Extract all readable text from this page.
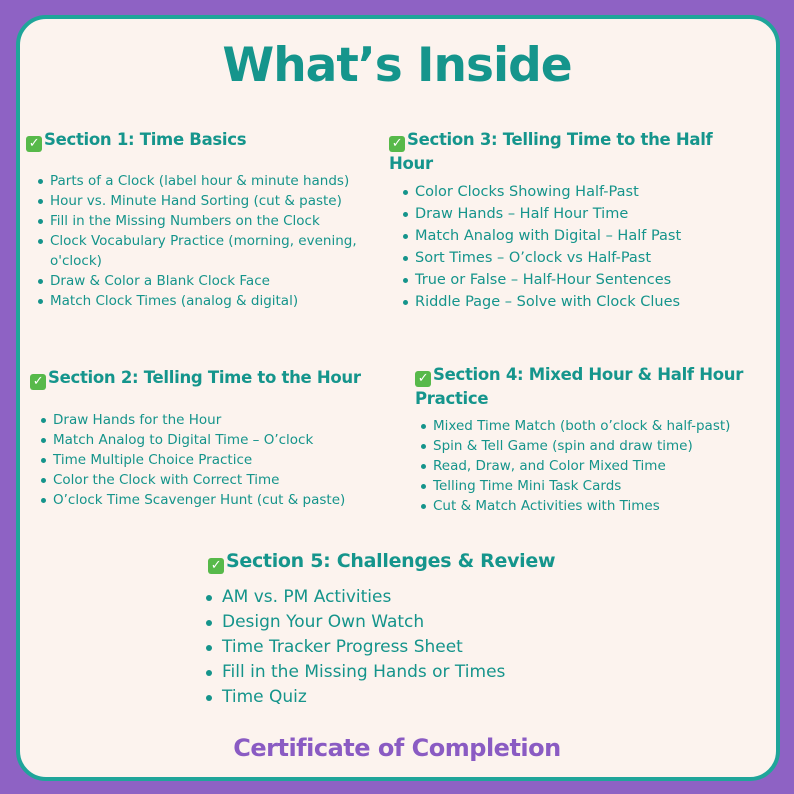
What’s Inside

✓ Section 1: Time Basics

Parts of a Clock (label hour & minute hands)
Hour vs. Minute Hand Sorting (cut & paste)
Fill in the Missing Numbers on the Clock
Clock Vocabulary Practice (morning, evening, o'clock)
Draw & Color a Blank Clock Face
Match Clock Times (analog & digital)

✓ Section 2: Telling Time to the Hour

Draw Hands for the Hour
Match Analog to Digital Time – O’clock
Time Multiple Choice Practice
Color the Clock with Correct Time
O’clock Time Scavenger Hunt (cut & paste)

✓ Section 3: Telling Time to the Half Hour

Color Clocks Showing Half-Past
Draw Hands – Half Hour Time
Match Analog with Digital – Half Past
Sort Times – O’clock vs Half-Past
True or False – Half-Hour Sentences
Riddle Page – Solve with Clock Clues

✓ Section 4: Mixed Hour & Half Hour Practice

Mixed Time Match (both o’clock & half-past)
Spin & Tell Game (spin and draw time)
Read, Draw, and Color Mixed Time
Telling Time Mini Task Cards
Cut & Match Activities with Times

✓ Section 5: Challenges & Review

AM vs. PM Activities
Design Your Own Watch
Time Tracker Progress Sheet
Fill in the Missing Hands or Times
Time Quiz

Certificate of Completion
